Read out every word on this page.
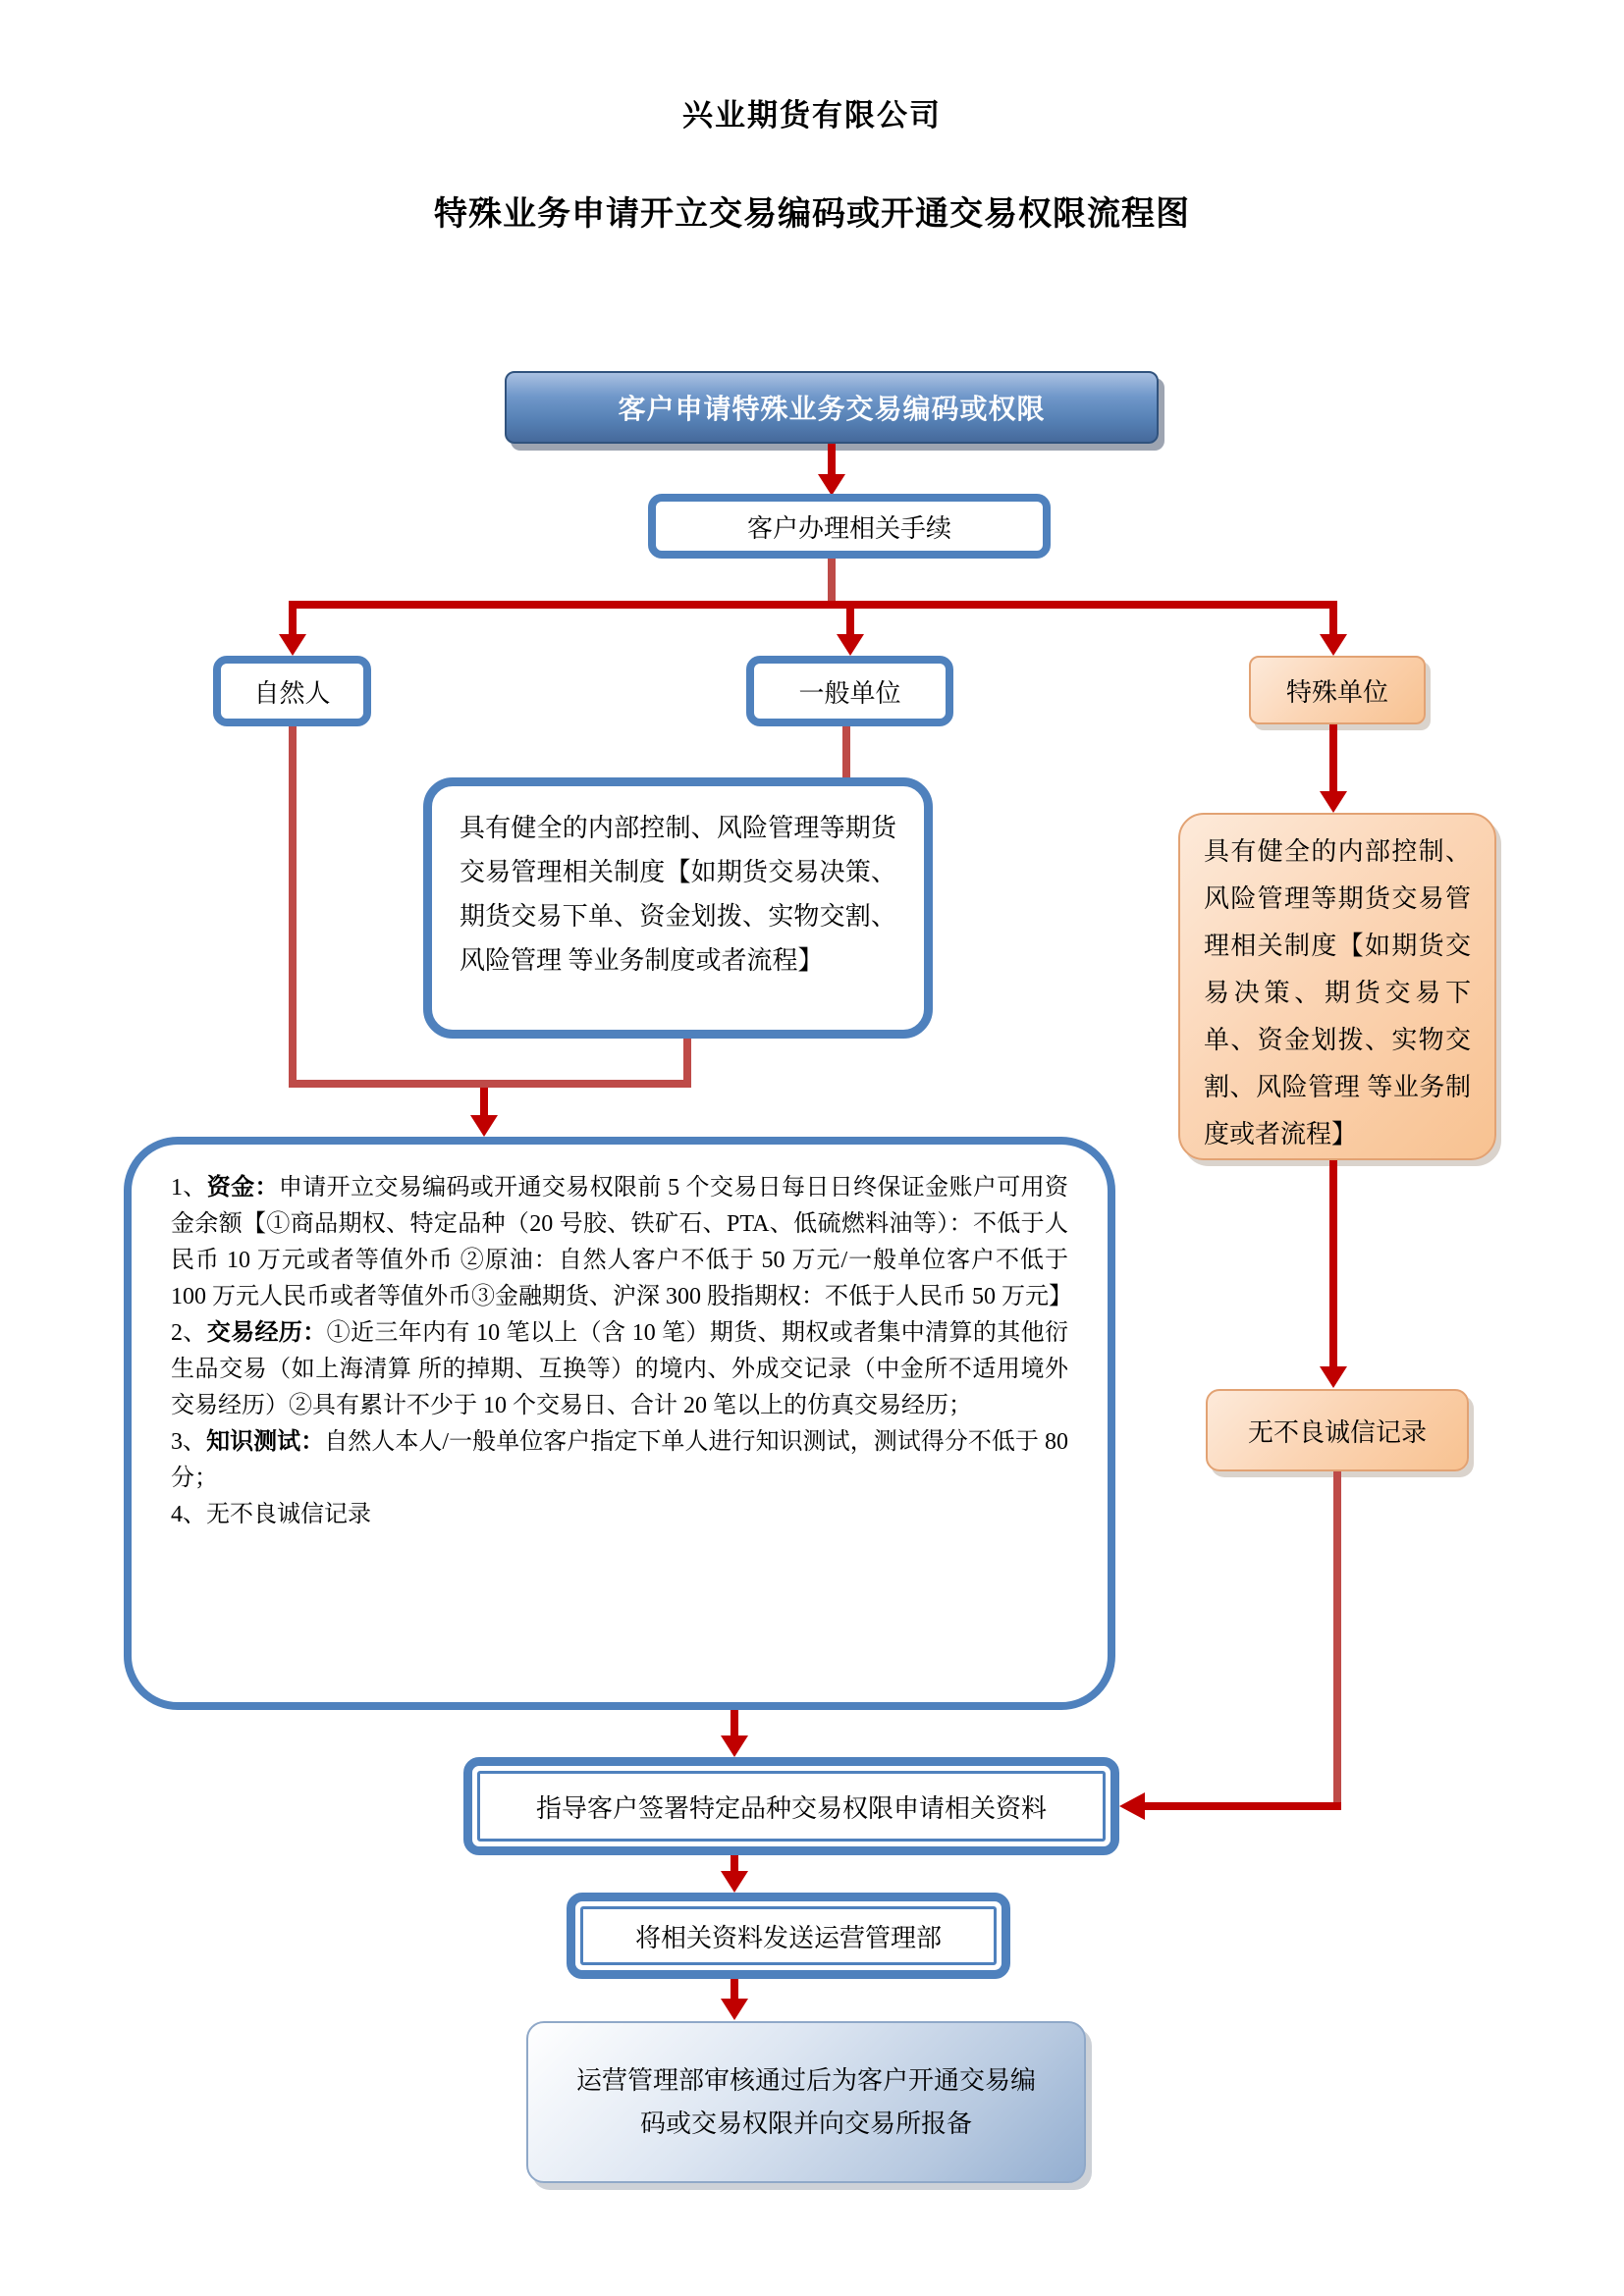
兴业期货有限公司
特殊业务申请开立交易编码或开通交易权限流程图
客户申请特殊业务交易编码或权限
客户办理相关手续
自然人	一般单位	特殊单位
具有健全的内部控制、风险管理等期货交易管理相关制度【如期货交易决策、期货交易下单、资金划拨、实物交割、风险管理 等业务制度或者流程】

1、资金：申请开立交易编码或开通交易权限前 5 个交易日每日日终保证金账户可用资金余额【①商品期权、特定品种（20 号胶、铁矿石、PTA、低硫燃料油等）：不低于人民币 10 万元或者等值外币 ②原油：自然人客户不低于 50 万元/一般单位客户不低于 100 万元人民币或者等值外币③金融期货、沪深 300 股指期权：不低于人民币 50 万元】

2、交易经历：①近三年内有 10 笔以上（含 10 笔）期货、期权或者集中清算的其他衍生品交易（如上海清算 所的掉期、互换等）的境内、外成交记录（中金所不适用境外交易经历）②具有累计不少于 10 个交易日、合计 20 笔以上的仿真交易经历；

3、知识测试：自然人本人/一般单位客户指定下单人进行知识测试，测试得分不低于 80 分；

4、无不良诚信记录

具有健全的内部控制、风险管理等期货交易管理相关制度【如期货交易决策、期货交易下单、资金划拨、实物交割、风险管理 等业务制度或者流程】
无不良诚信记录
指导客户签署特定品种交易权限申请相关资料
将相关资料发送运营管理部
运营管理部审核通过后为客户开通交易编码或交易权限并向交易所报备
